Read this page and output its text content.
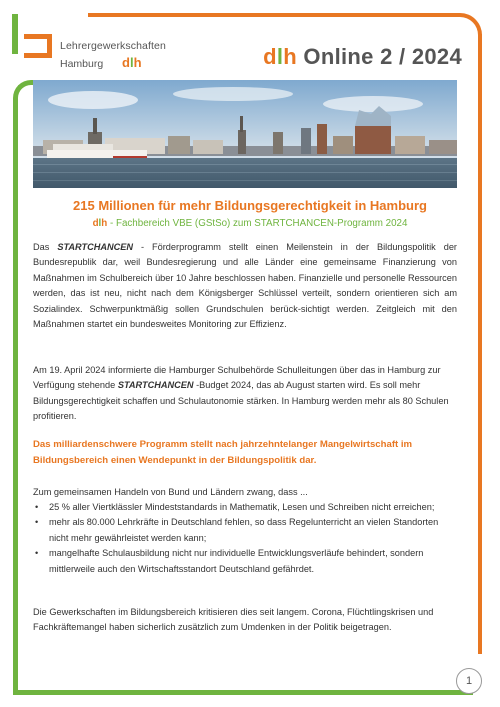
Lehrergewerkschaften
Hamburg dlh	dlh Online 2 / 2024
215 Millionen für mehr Bildungsgerechtigkeit in Hamburg
dlh - Fachbereich VBE (GStSo) zum STARTCHANCEN-Programm 2024
Das STARTCHANCEN - Förderprogramm stellt einen Meilenstein in der Bildungspolitik der Bundesrepublik dar, weil Bundesregierung und alle Länder eine gemeinsame Finanzierung von Maßnahmen im Schulbereich über 10 Jahre beschlossen haben. Finanzielle und personelle Ressourcen werden, das ist neu, nicht nach dem Königsberger Schlüssel verteilt, sondern orientieren sich am Sozialindex. Schwerpunktmäßig sollen Grundschulen berück-sichtigt werden. Zeitgleich mit den Maßnahmen startet ein bundesweites Monitoring zur Effizienz.
Am 19. April 2024 informierte die Hamburger Schulbehörde Schulleitungen über das in Hamburg zur Verfügung stehende STARTCHANCEN -Budget 2024, das ab August starten wird. Es soll mehr Bildungsgerechtigkeit schaffen und Schulautonomie stärken. In Hamburg werden mehr als 80 Schulen profitieren.
Das milliardenschwere Programm stellt nach jahrzehntelanger Mangelwirtschaft im Bildungsbereich einen Wendepunkt in der Bildungspolitik dar.
Zum gemeinsamen Handeln von Bund und Ländern zwang, dass ...
• 25 % aller Viertklässler Mindeststandards in Mathematik, Lesen und Schreiben nicht erreichen;
• mehr als 80.000 Lehrkräfte in Deutschland fehlen, so dass Regelunterricht an vielen Standorten nicht mehr gewährleistet werden kann;
• mangelhafte Schulausbildung nicht nur individuelle Entwicklungsverläufe behindert, sondern mittlerweile auch den Wirtschaftsstandort Deutschland gefährdet.
Die Gewerkschaften im Bildungsbereich kritisieren dies seit langem. Corona, Flüchtlingskrisen und Fachkräftemangel haben sicherlich zusätzlich zum Umdenken in der Politik beigetragen.
1
